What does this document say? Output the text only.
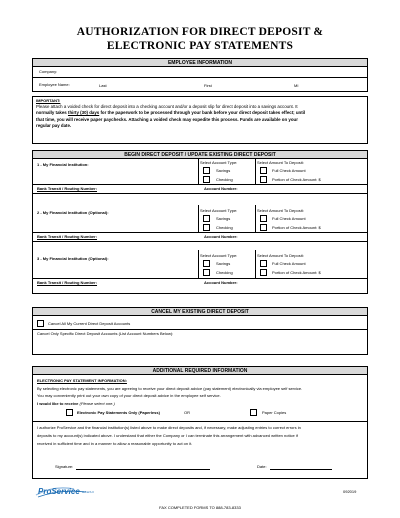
AUTHORIZATION FOR DIRECT DEPOSIT &
ELECTRONIC PAY STATEMENTS
EMPLOYEE INFORMATION
Company:
Employee Name:	Last	First	MI
IMPORTANT:
Please attach a voided check for direct deposit into a checking account and/or a deposit slip for direct deposit into a savings account. It
normally takes thirty (30) days for the paperwork to be processed through your bank before your direct deposit takes effect; until
that time, you will receive paper paychecks. Attaching a voided check may expedite this process. Funds are available on your
regular pay date.
BEGIN DIRECT DEPOSIT / UPDATE EXISTING DIRECT DEPOSIT
1 - My Financial Institution:	Select Account Type:
Savings
Checking
Select Amount To Deposit:
Full Check Amount
Portion of Check Amount: $
Bank Transit / Routing Number:	Account Number:
2 - My Financial Institution (Optional):	Select Account Type:
Savings
Checking
Select Amount To Deposit:
Full Check Amount
Portion of Check Amount: $
Bank Transit / Routing Number:	Account Number:
3 - My Financial Institution (Optional):
Select Account Type:
Savings
Checking
Select Amount To Deposit:
Full Check Amount
Portion of Check Amount: $
Bank Transit / Routing Number:	Account Number:
CANCEL MY EXISTING DIRECT DEPOSIT
Cancel All My Current Direct Deposit Accounts
Cancel Only Specific Direct Deposit Accounts (List Account Numbers Below):
ADDITIONAL REQUIRED INFORMATION
ELECTRONIC PAY STATEMENT INFORMATION:
By selecting electronic pay statements, you are agreeing to receive your direct deposit advice (pay statement) electronically via employee self service.
You may conveniently print out your own copy of your direct deposit advice in the employee self service.
I would like to receive (Please select one.)
Electronic Pay Statements Only (Paperless)	OR	Paper Copies
I authorize ProService and the financial institution(s) listed above to make direct deposits and, if necessary, make adjusting entries to correct errors in
deposits to my account(s) indicated above. I understand that either the Company or I can terminate this arrangement with advanced written notice if
received in sufficient time and in a manner to allow a reasonable opportunity to act on it.
Signature:	Date:
ProService HAWAII	092019
FAX COMPLETED FORMS TO 888-783-8333
